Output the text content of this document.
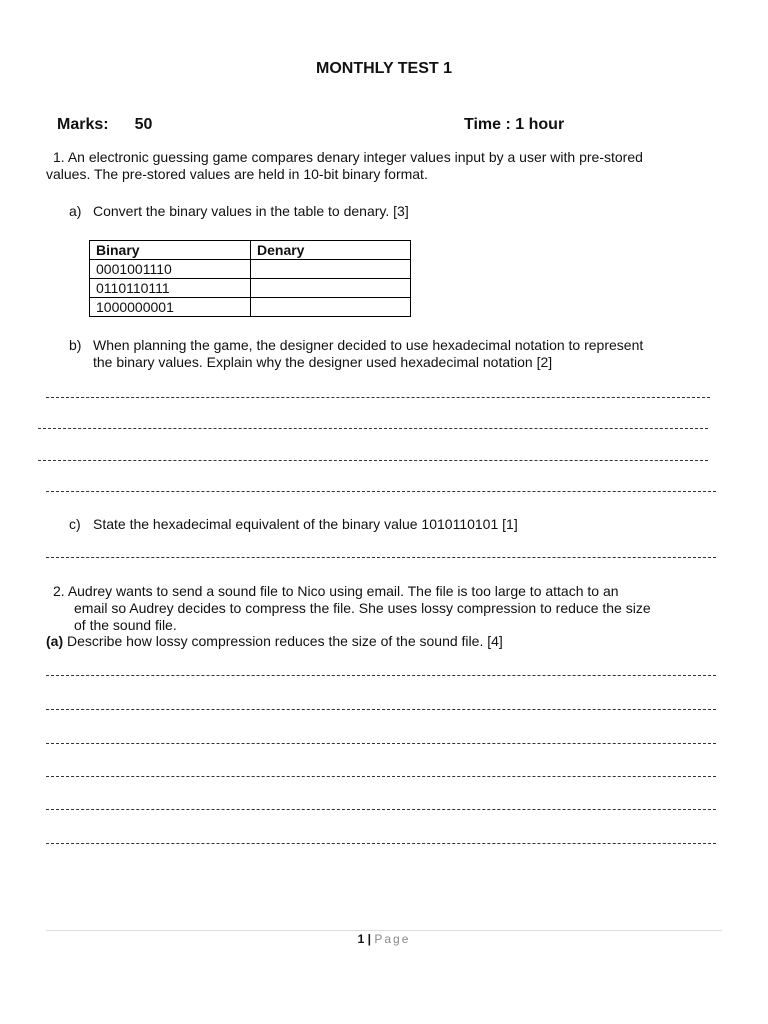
MONTHLY TEST 1
Marks: 50	Time : 1 hour
1. An electronic guessing game compares denary integer values input by a user with pre-stored
values. The pre-stored values are held in 10-bit binary format.
a) Convert the binary values in the table to denary. [3]
Binary	Denary
0001001110	
0110110111	
1000000001	
b) When planning the game, the designer decided to use hexadecimal notation to represent
the binary values. Explain why the designer used hexadecimal notation [2]
c) State the hexadecimal equivalent of the binary value 1010110101 [1]
2. Audrey wants to send a sound file to Nico using email. The file is too large to attach to an
email so Audrey decides to compress the file. She uses lossy compression to reduce the size
of the sound file.
(a) Describe how lossy compression reduces the size of the sound file. [4]
1 | Page
